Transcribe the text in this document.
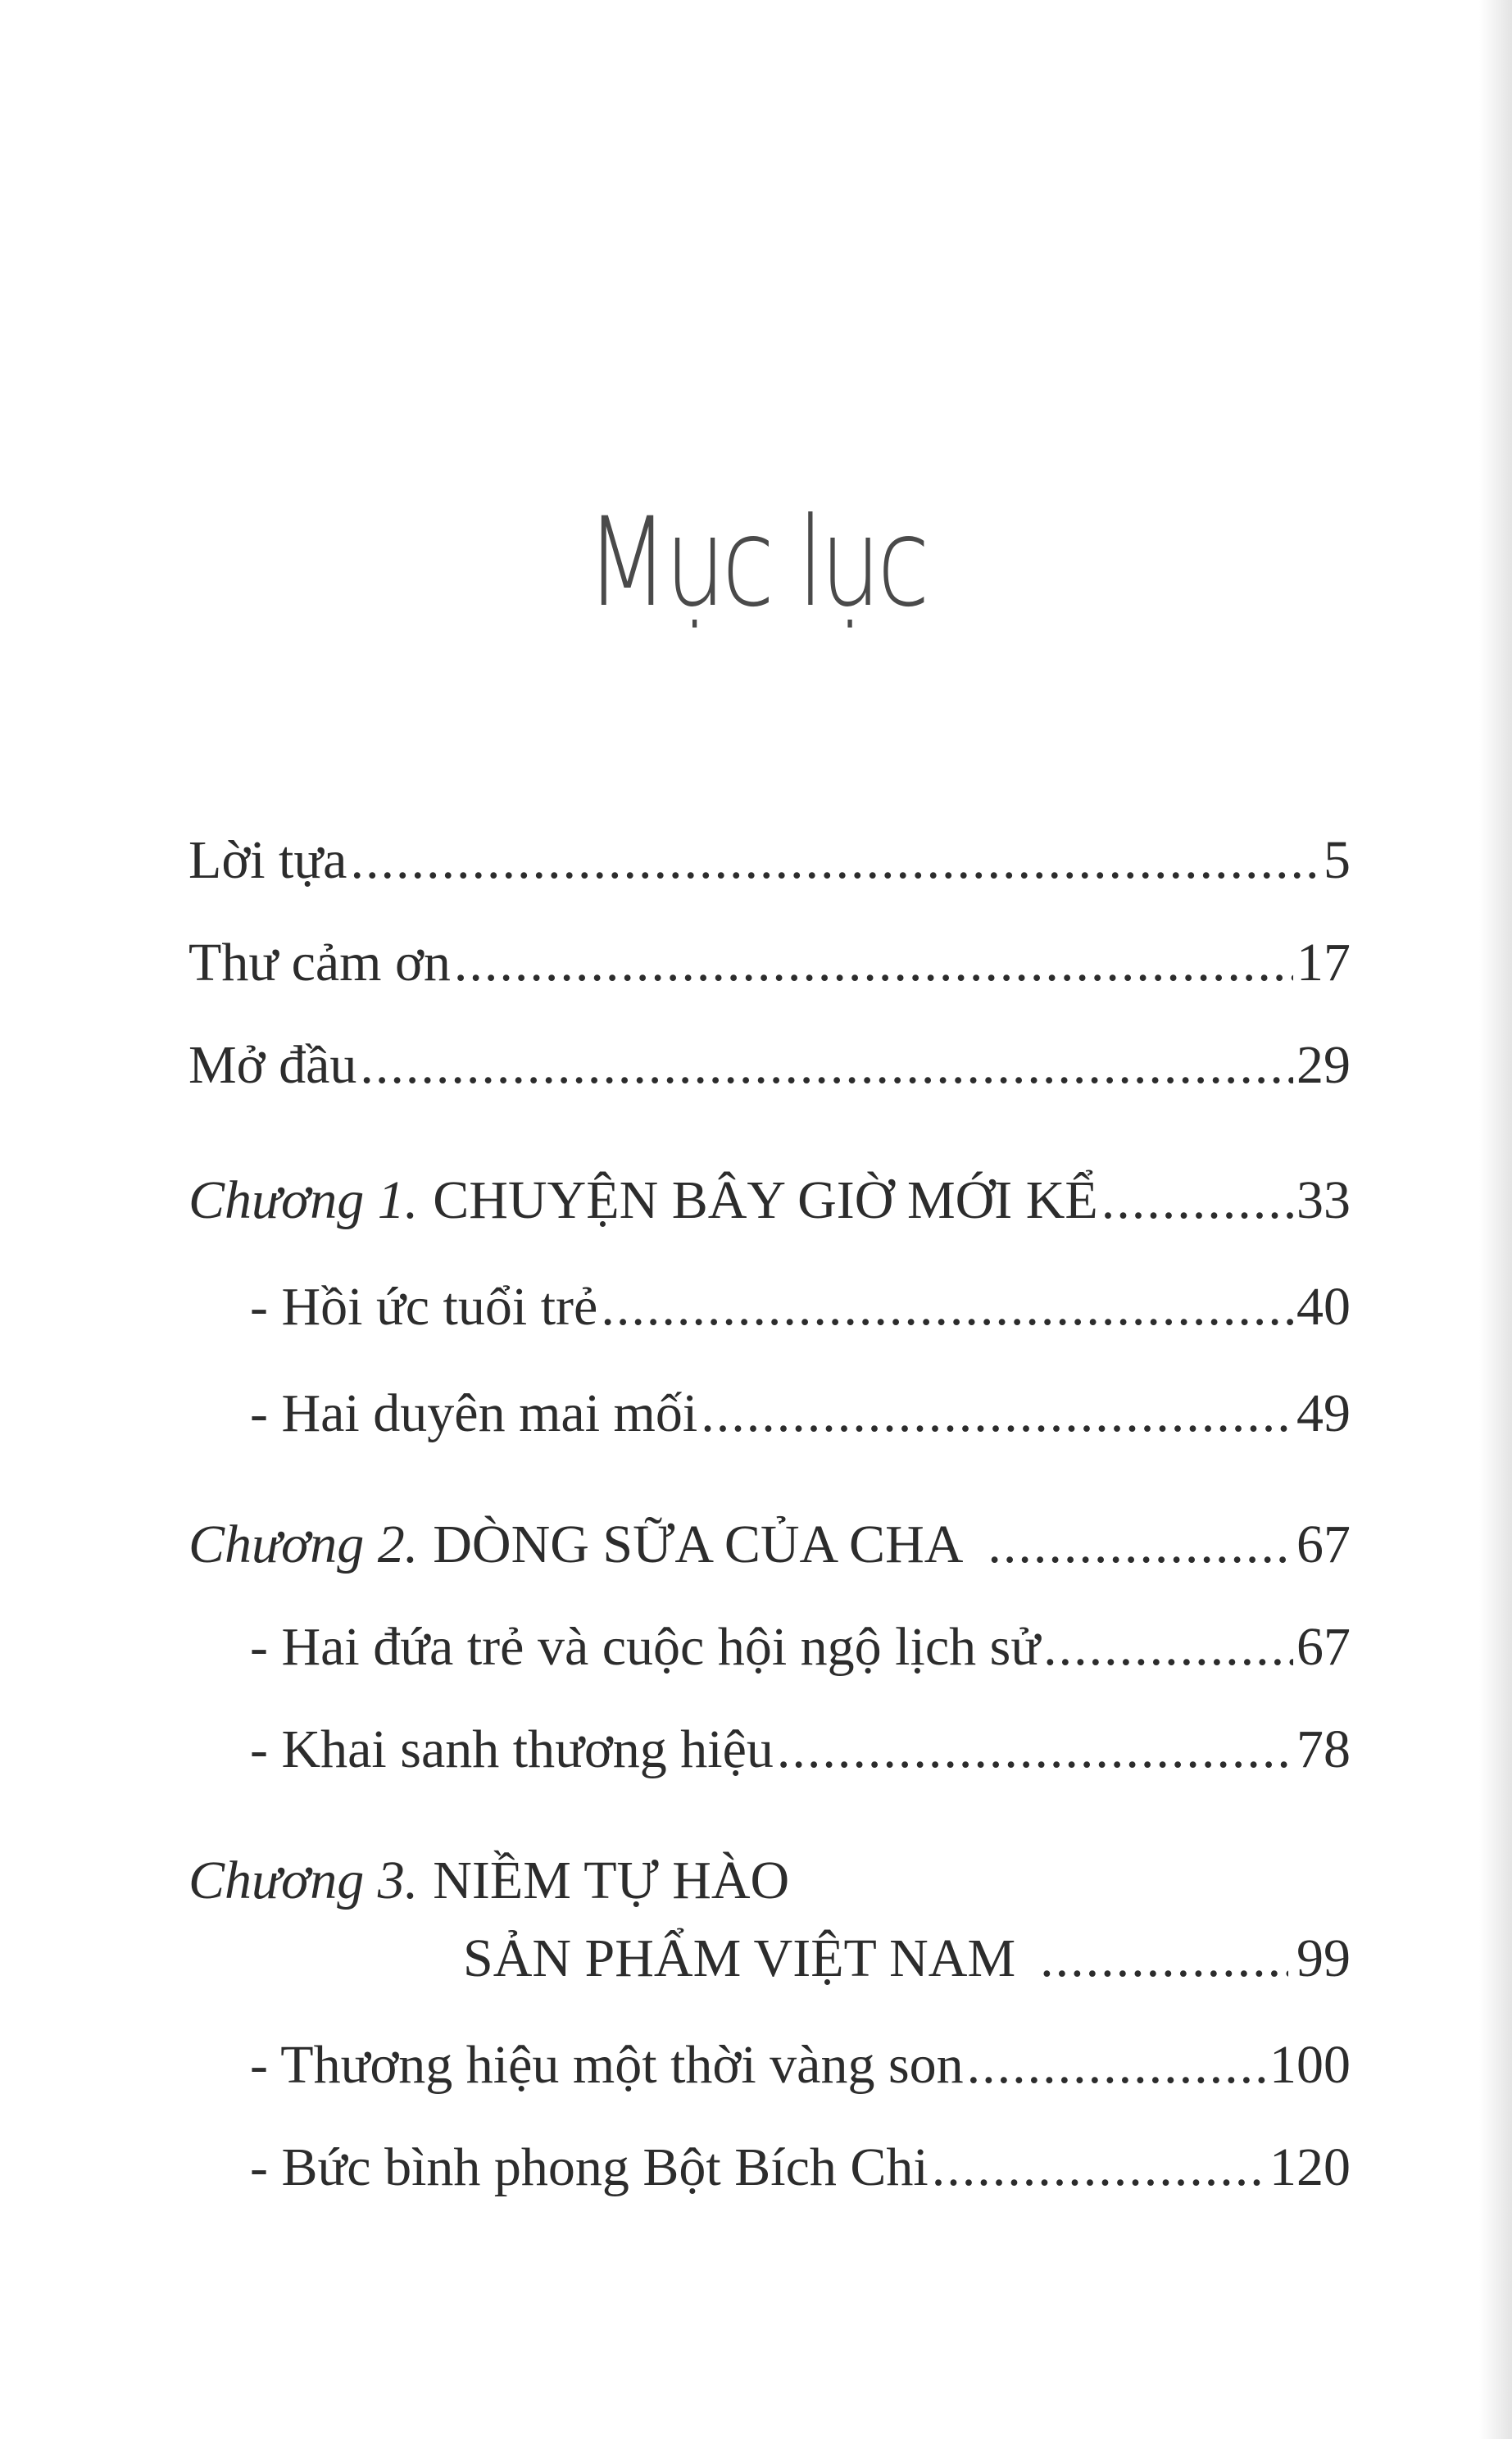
Mục lục
Lời tựa .....	5
Thư cảm ơn .....	17
Mở đầu .....	29
Chương 1. CHUYỆN BÂY GIỜ MỚI KỂ .....	33
- Hồi ức tuổi trẻ .....	40
- Hai duyên mai mối .....	49
Chương 2. DÒNG SỮA CỦA CHA .....	67
- Hai đứa trẻ và cuộc hội ngộ lịch sử .....	67
- Khai sanh thương hiệu .....	78
Chương 3. NIỀM TỰ HÀO
SẢN PHẨM VIỆT NAM .....	99
- Thương hiệu một thời vàng son .....	100
- Bức bình phong Bột Bích Chi .....	120
